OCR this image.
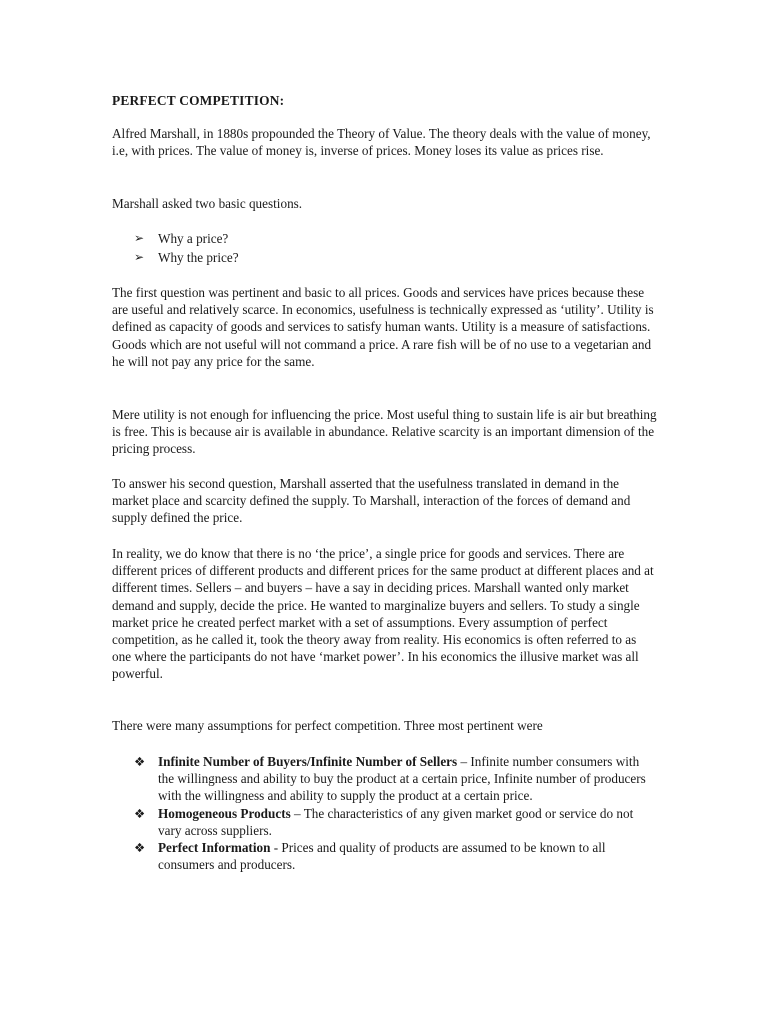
PERFECT COMPETITION:

Alfred Marshall, in 1880s propounded the Theory of Value. The theory deals with the value of money, i.e, with prices. The value of money is, inverse of prices. Money loses its value as prices rise.

Marshall asked two basic questions.

➢ Why a price?
➢ Why the price?

The first question was pertinent and basic to all prices. Goods and services have prices because these are useful and relatively scarce. In economics, usefulness is technically expressed as ‘utility’. Utility is defined as capacity of goods and services to satisfy human wants. Utility is a measure of satisfactions. Goods which are not useful will not command a price. A rare fish will be of no use to a vegetarian and he will not pay any price for the same.

Mere utility is not enough for influencing the price. Most useful thing to sustain life is air but breathing is free. This is because air is available in abundance. Relative scarcity is an important dimension of the pricing process.

To answer his second question, Marshall asserted that the usefulness translated in demand in the market place and scarcity defined the supply. To Marshall, interaction of the forces of demand and supply defined the price.

In reality, we do know that there is no ‘the price’, a single price for goods and services. There are different prices of different products and different prices for the same product at different places and at different times. Sellers – and buyers – have a say in deciding prices. Marshall wanted only market demand and supply, decide the price. He wanted to marginalize buyers and sellers. To study a single market price he created perfect market with a set of assumptions. Every assumption of perfect competition, as he called it, took the theory away from reality. His economics is often referred to as one where the participants do not have ‘market power’. In his economics the illusive market was all powerful.

There were many assumptions for perfect competition. Three most pertinent were

❖ Infinite Number of Buyers/Infinite Number of Sellers – Infinite number consumers with the willingness and ability to buy the product at a certain price, Infinite number of producers with the willingness and ability to supply the product at a certain price.
❖ Homogeneous Products – The characteristics of any given market good or service do not vary across suppliers.
❖ Perfect Information - Prices and quality of products are assumed to be known to all consumers and producers.
